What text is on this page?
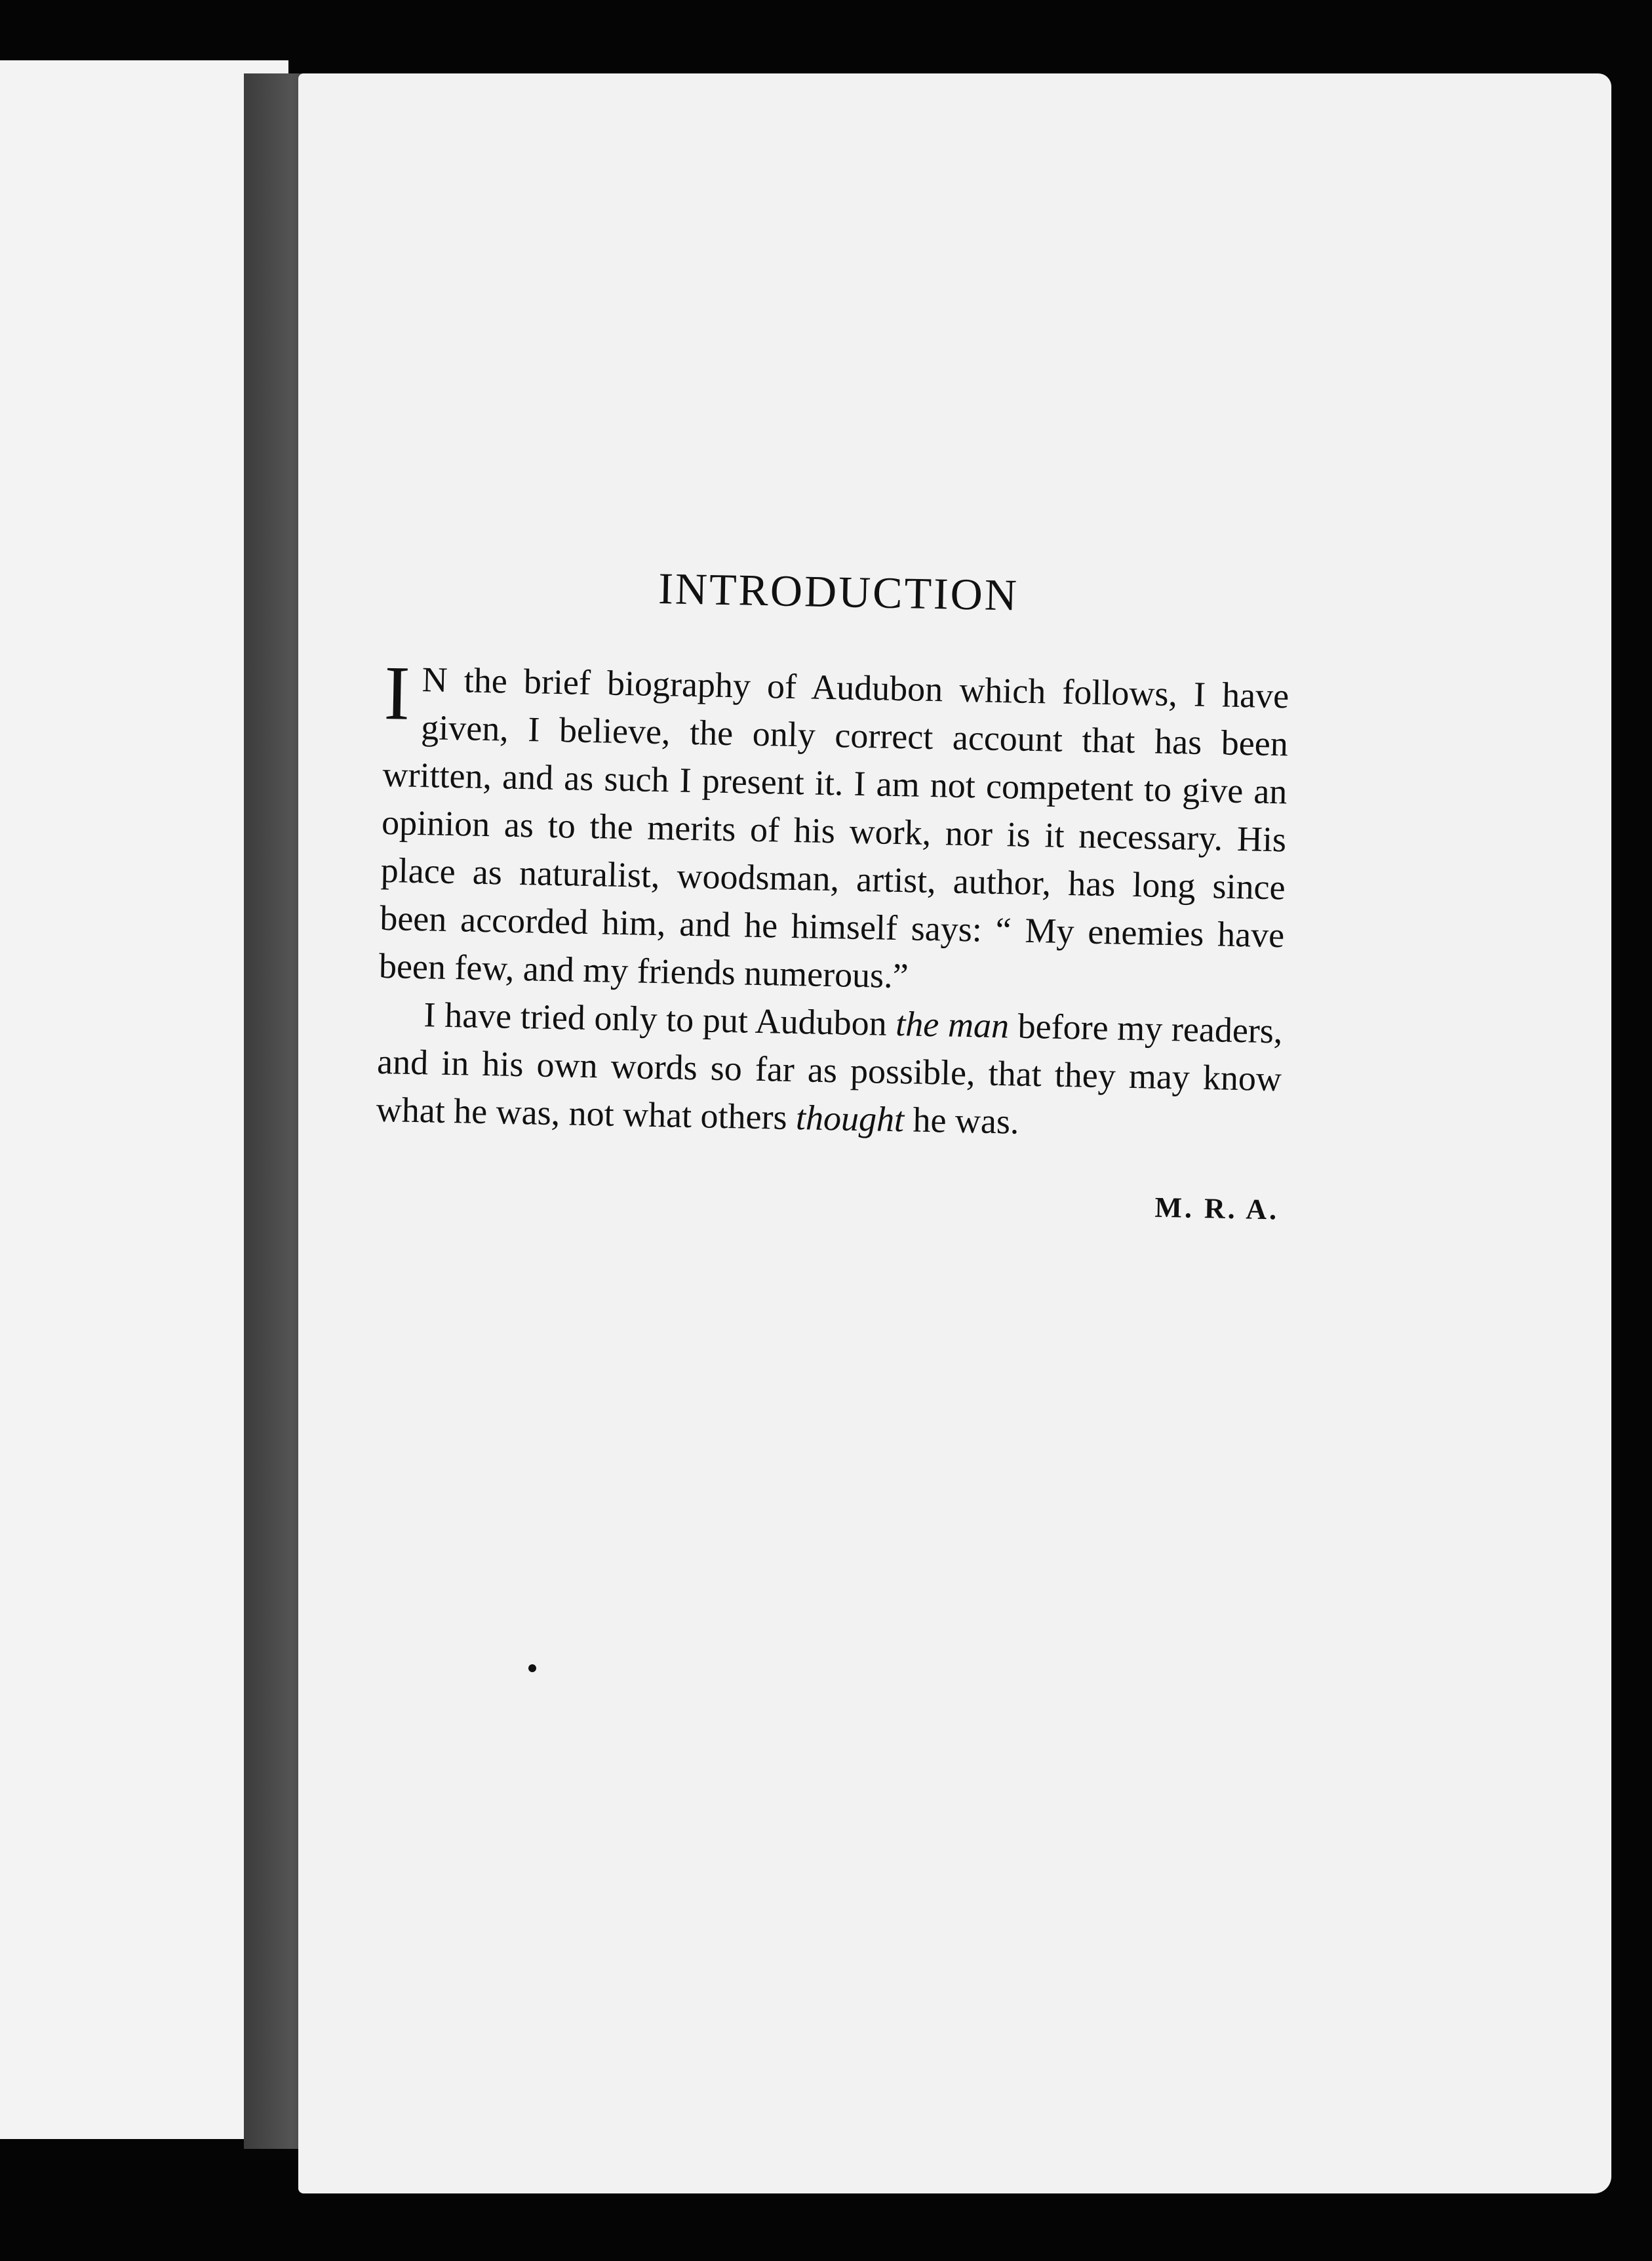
INTRODUCTION

I N the brief biography of Audubon which follows, I have given, I believe, the only correct account that has been written, and as such I present it. I am not competent to give an opinion as to the merits of his work, nor is it necessary. His place as naturalist, woodsman, artist, author, has long since been accorded him, and he himself says: “ My enemies have been few, and my friends numerous.”

I have tried only to put Audubon the man before my readers, and in his own words so far as possible, that they may know what he was, not what others thought he was.

M. R. A.
